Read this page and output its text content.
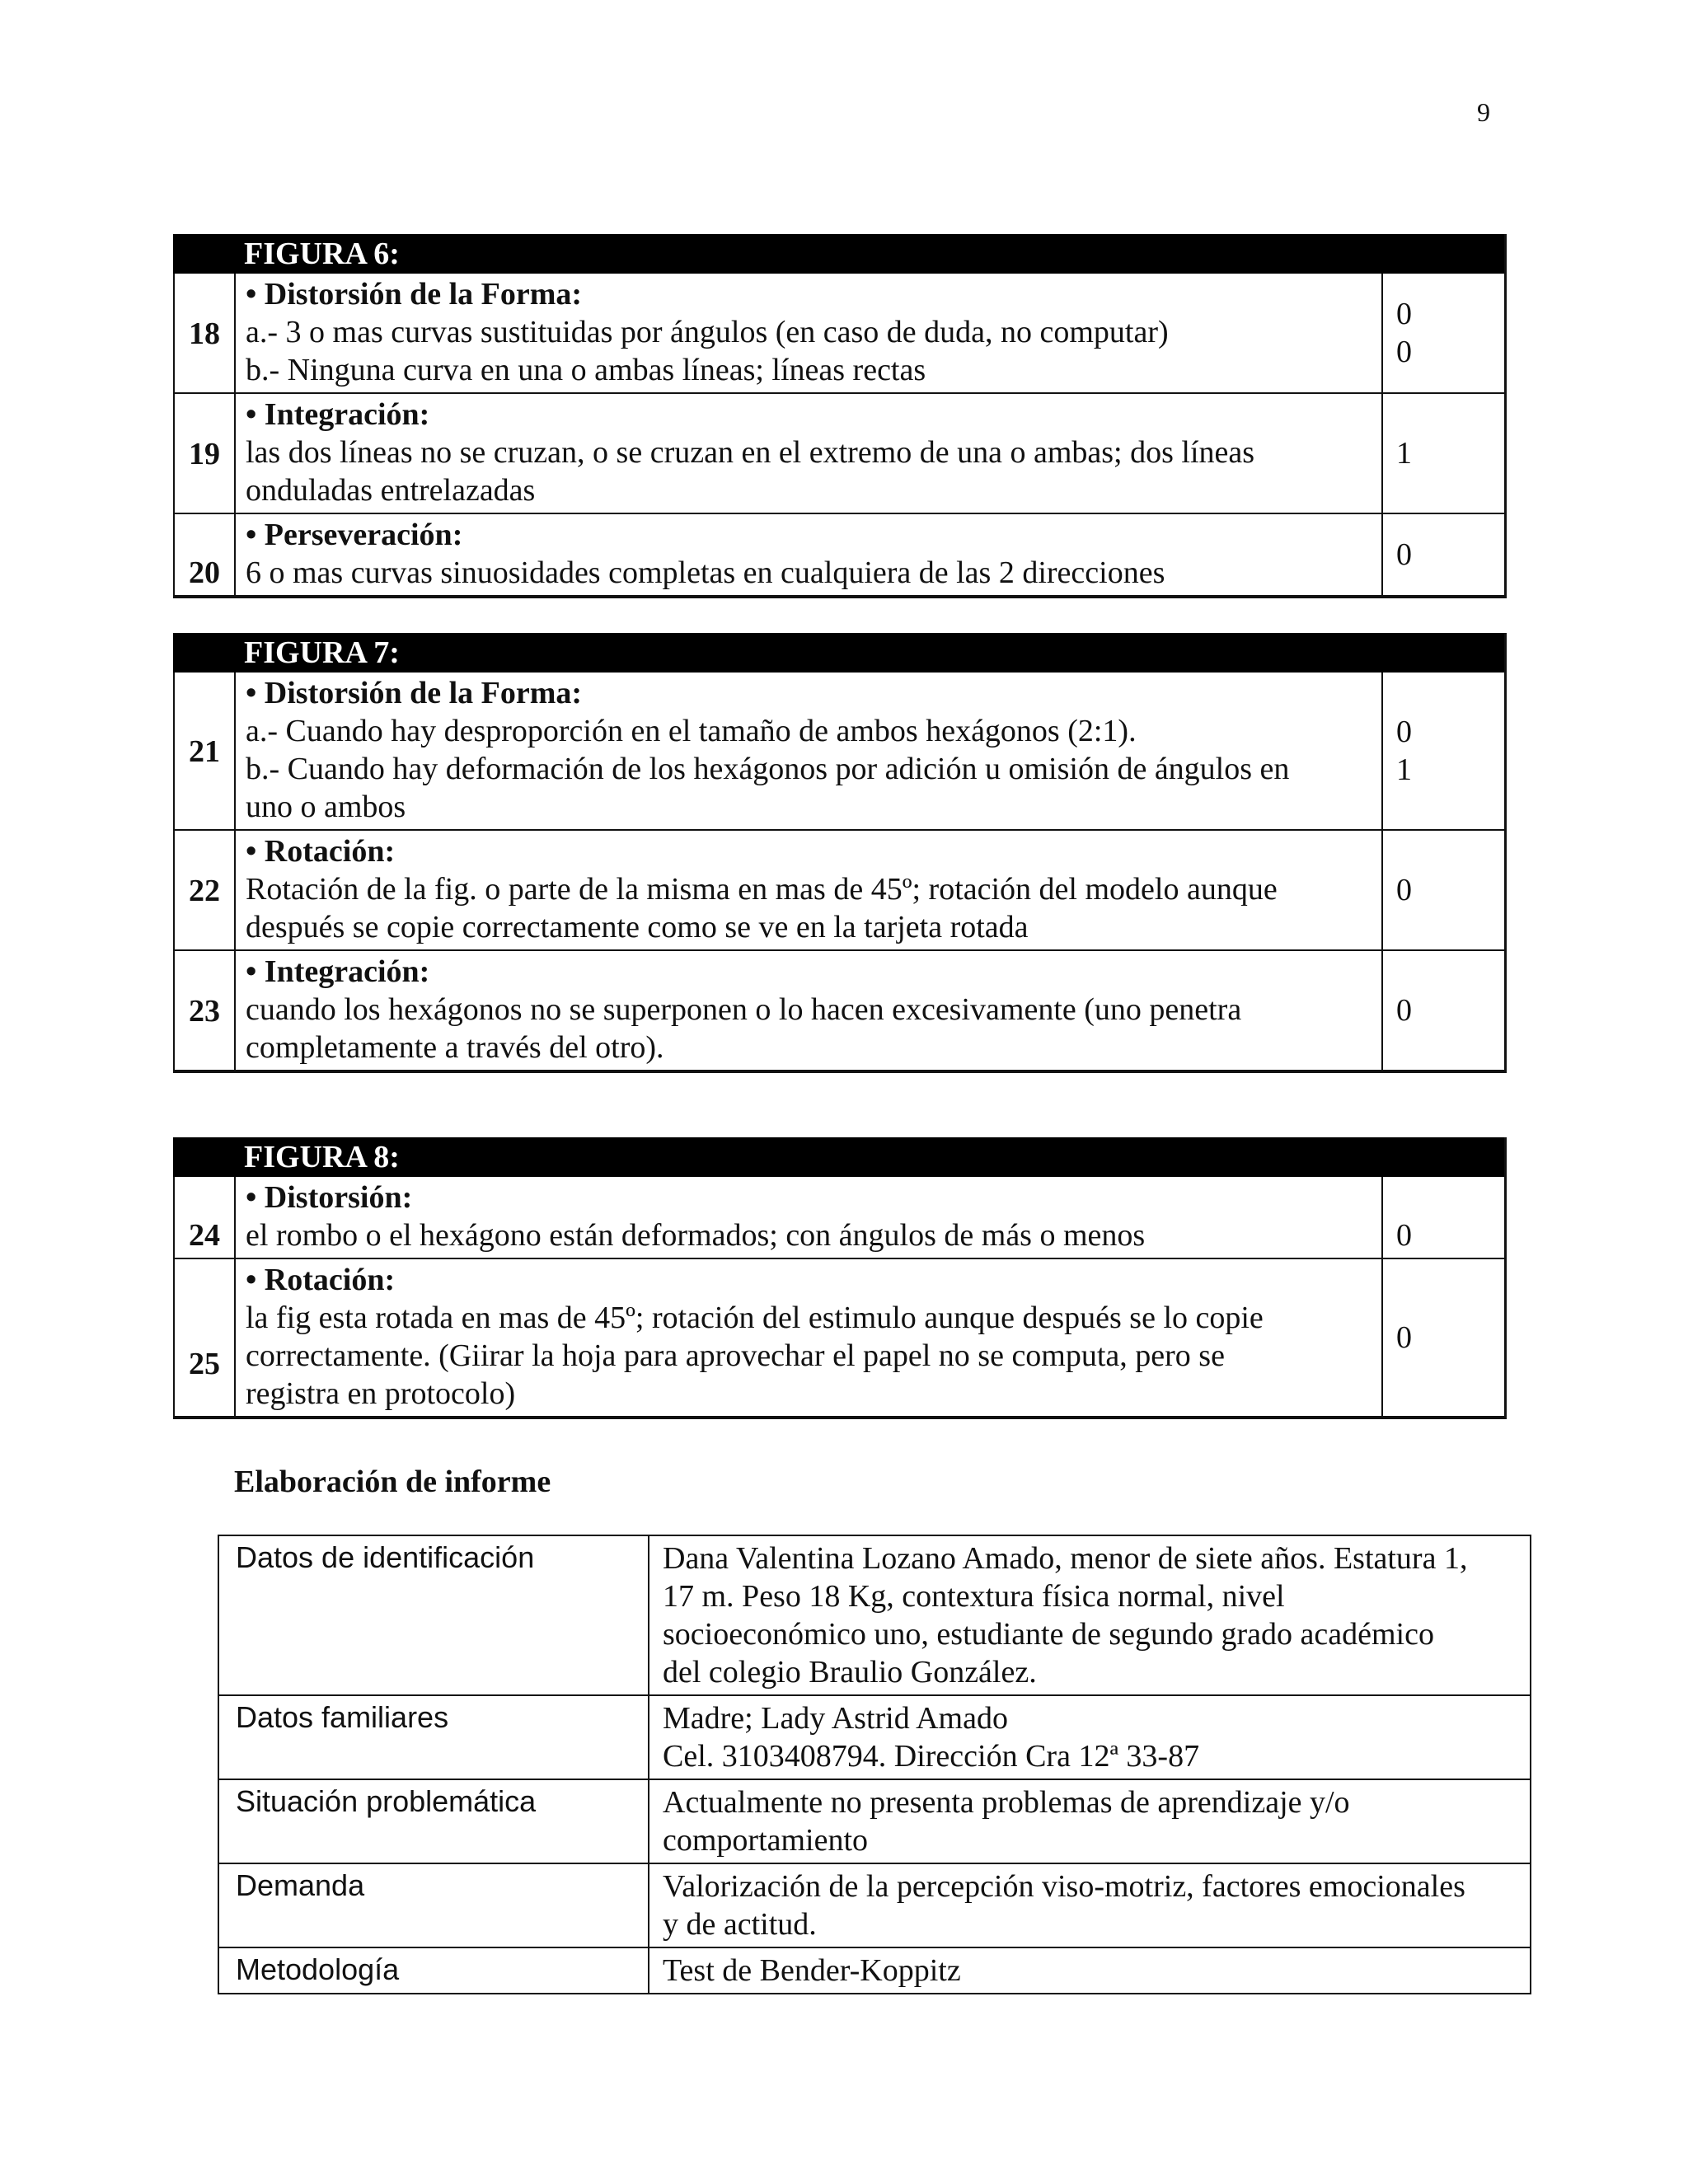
9
FIGURA 6:		
18	• Distorsión de la Forma:
a.- 3 o mas curvas sustituidas por ángulos (en caso de duda, no computar)
b.- Ninguna curva en una o ambas líneas; líneas rectas	0
0

19	• Integración:
las dos líneas no se cruzan, o se cruzan en el extremo de una o ambas; dos líneas
onduladas entrelazadas	1

20	• Perseveración:
6 o mas curvas sinuosidades completas en cualquiera de las 2 direcciones	0
FIGURA 7:		
21	• Distorsión de la Forma:
a.- Cuando hay desproporción en el tamaño de ambos hexágonos (2:1).
b.- Cuando hay deformación de los hexágonos por adición u omisión de ángulos en
uno o ambos	0
1

22	• Rotación:
Rotación de la fig. o parte de la misma en mas de 45º; rotación del modelo aunque
después se copie correctamente como se ve en la tarjeta rotada	0

23	• Integración:
cuando los hexágonos no se superponen o lo hacen excesivamente (uno penetra
completamente a través del otro).	0
FIGURA 8:		
24	• Distorsión:
el rombo o el hexágono están deformados; con ángulos de más o menos	0

25	• Rotación:
la fig esta rotada en mas de 45º; rotación del estimulo aunque después se lo copie
correctamente. (Giirar la hoja para aprovechar el papel no se computa, pero se
registra en protocolo)	0
Elaboración de informe
Datos de identificación	Dana Valentina Lozano Amado, menor de siete años. Estatura 1,
17 m. Peso 18 Kg, contextura física normal, nivel
socioeconómico uno, estudiante de segundo grado académico
del colegio Braulio González.

Datos familiares	Madre; Lady Astrid Amado
Cel. 3103408794. Dirección Cra 12ª 33-87

Situación problemática	Actualmente no presenta problemas de aprendizaje y/o
comportamiento

Demanda	Valorización de la percepción viso-motriz, factores emocionales
y de actitud.

Metodología	Test de Bender-Koppitz
